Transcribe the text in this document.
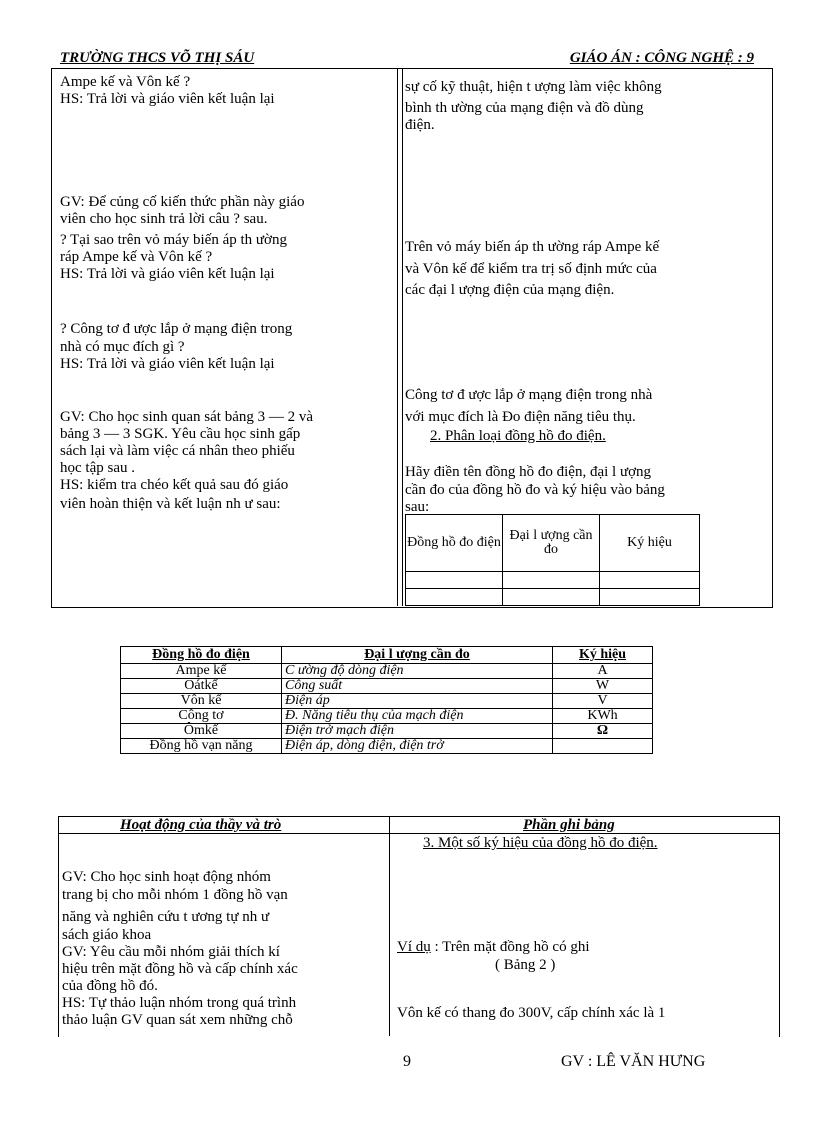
TRƯỜNG THCS VÕ THỊ SÁU	GIÁO ÁN : CÔNG NGHỆ : 9
Ampe kế và Vôn kế ?
HS: Trả lời và giáo viên kết luận lại
GV: Để củng cố kiến thức phần này giáo
viên cho học sinh trả lời câu ? sau.
? Tại sao trên vỏ máy biến áp th ường
ráp Ampe kế và Vôn kế ?
HS: Trả lời và giáo viên kết luận lại
? Công tơ đ ược lắp ở mạng điện trong
nhà có mục đích gì ?
HS: Trả lời và giáo viên kết luận lại
GV: Cho học sinh quan sát bảng 3 — 2 và
bảng 3 — 3 SGK. Yêu cầu học sinh gấp
sách lại và làm việc cá nhân theo phiếu
học tập sau .
HS: kiểm tra chéo kết quả sau đó giáo
viên hoàn thiện và kết luận nh ư sau:
sự cố kỹ thuật, hiện t ượng làm việc không
bình th ường của mạng điện và đồ dùng
điện.
Trên vỏ máy biến áp th ường ráp Ampe kế
và Vôn kế để kiểm tra trị số định mức của
các đại l ượng điện của mạng điện.
Công tơ đ ược lắp ở mạng điện trong nhà
với mục đích là Đo điện năng tiêu thụ.
2. Phân loại đồng hồ đo điện.
Hãy điền tên đồng hồ đo điện, đại l ượng
cần đo của đồng hồ đo và ký hiệu vào bảng
sau:
Đồng hồ đo điện	Đại l ượng cần đo	Ký hiệu

Đồng hồ đo điện	Đại l ượng cần đo	Ký hiệu
Ampe kế	C ường độ dòng điện	A
Oátkế	Công suất	W
Vôn kế	Điện áp	V
Công tơ	Đ. Năng tiêu thụ của mạch điện	KWh
Ômkế	Điện trở mạch điện	Ω
Đồng hồ vạn năng	Điện áp, dòng điện, điện trở	
Hoạt động của thầy và trò	Phần ghi bảng
3. Một số ký hiệu của đồng hồ đo điện.
GV: Cho học sinh hoạt động nhóm
trang bị cho mỗi nhóm 1 đồng hồ vạn
năng và nghiên cứu t ương tự nh ư
sách giáo khoa
GV: Yêu cầu mỗi nhóm giải thích kí
hiệu trên mặt đồng hồ và cấp chính xác
của đồng hồ đó.
HS: Tự thảo luận nhóm trong quá trình
thảo luận GV quan sát xem những chỗ
Ví dụ : Trên mặt đồng hồ có ghi
( Bảng 2 )
Vôn kế có thang đo 300V, cấp chính xác là 1
9	GV : LÊ VĂN HƯNG
